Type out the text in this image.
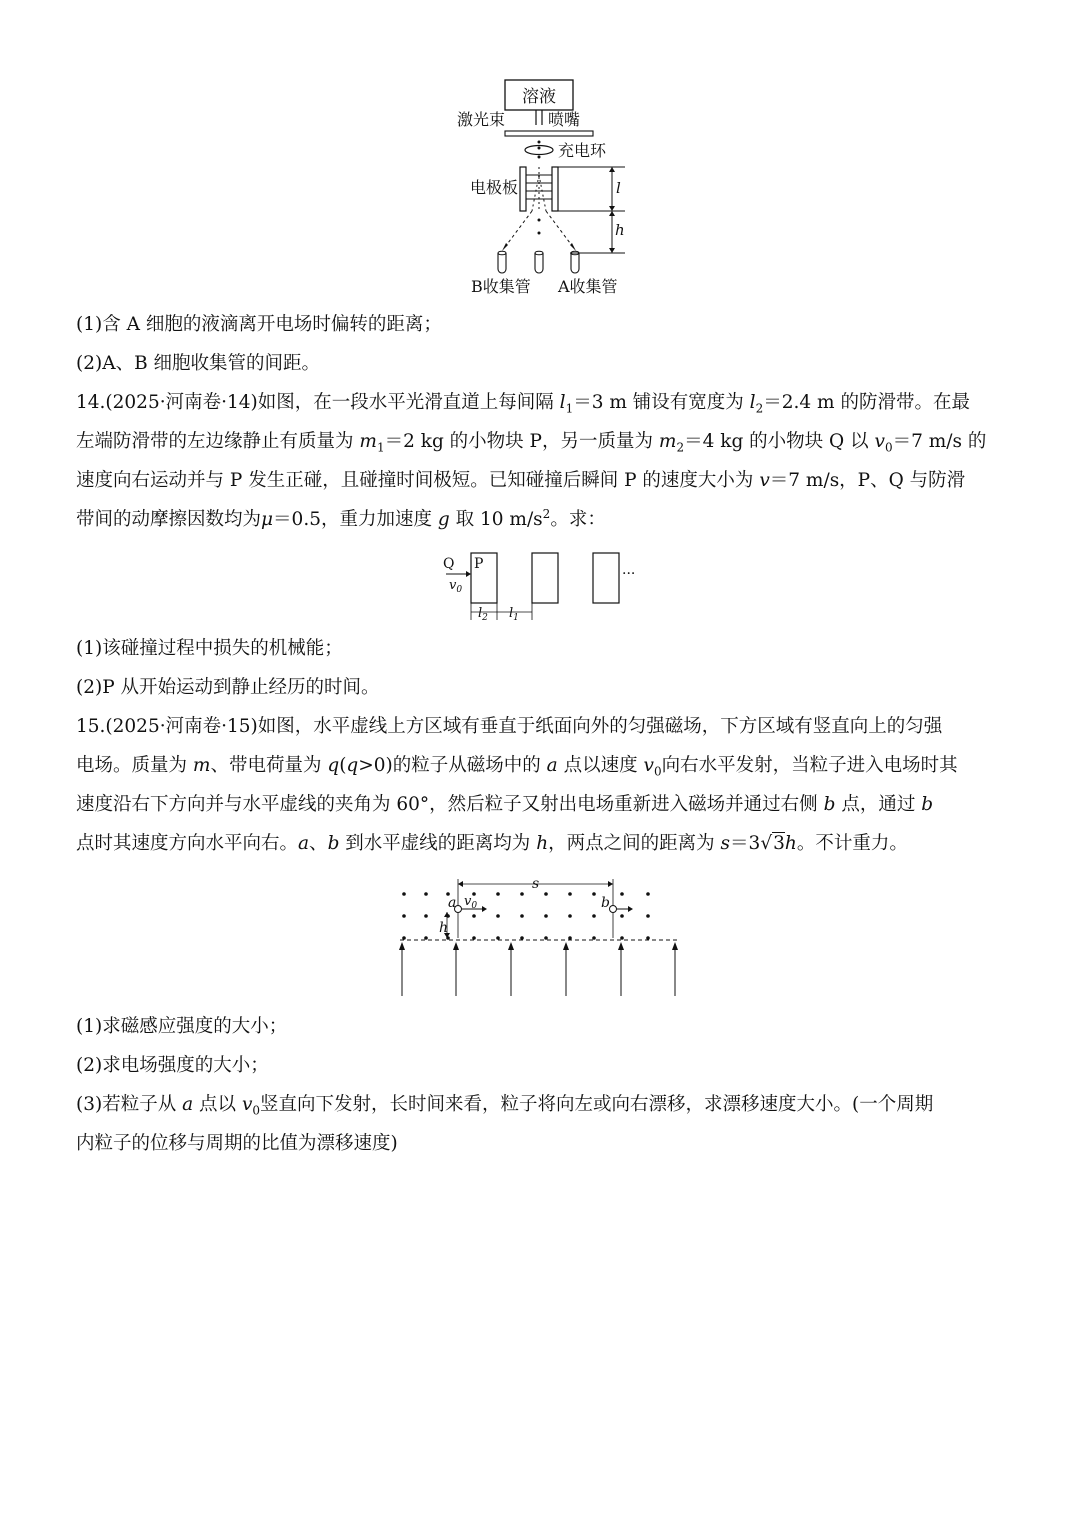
溶液
激光束	喷嘴
充电环
电极板	l
h
B收集管 A收集管
(1)含 A 细胞的液滴离开电场时偏转的距离；
(2)A、B 细胞收集管的间距。
14.(2025·河南卷·14)如图，在一段水平光滑直道上每间隔 $l_1=3$ m 铺设有宽度为 $l_2=2.4$ m 的防滑带。在最
左端防滑带的左边缘静止有质量为 $m_1=2$ kg 的小物块 P，另一质量为 $m_2=4$ kg 的小物块 Q 以 $v_0=7$ m/s 的
速度向右运动并与 P 发生正碰，且碰撞时间极短。已知碰撞后瞬间 P 的速度大小为 v＝7 m/s，P、Q 与防滑
带间的动摩擦因数均为μ＝0.5，重力加速度 g 取 10 $m/s^2$。求：
Q P
$v_0$
···
$l_2$ $l_1$
(1)该碰撞过程中损失的机械能；
(2)P 从开始运动到静止经历的时间。
15.(2025·河南卷·15)如图，水平虚线上方区域有垂直于纸面向外的匀强磁场，下方区域有竖直向上的匀强
电场。质量为 m、带电荷量为 q(q>0)的粒子从磁场中的 a 点以速度 $v_0$向右水平发射，当粒子进入电场时其
速度沿右下方向并与水平虚线的夹角为 60°，然后粒子又射出电场重新进入磁场并通过右侧 b 点，通过 b
点时其速度方向水平向右。a、b 到水平虚线的距离均为 h，两点之间的距离为 s＝3√3h。不计重力。
s
a $v_0$	b
h
(1)求磁感应强度的大小；
(2)求电场强度的大小；
(3)若粒子从 a 点以 $v_0$竖直向下发射，长时间来看，粒子将向左或向右漂移，求漂移速度大小。(一个周期
内粒子的位移与周期的比值为漂移速度)
